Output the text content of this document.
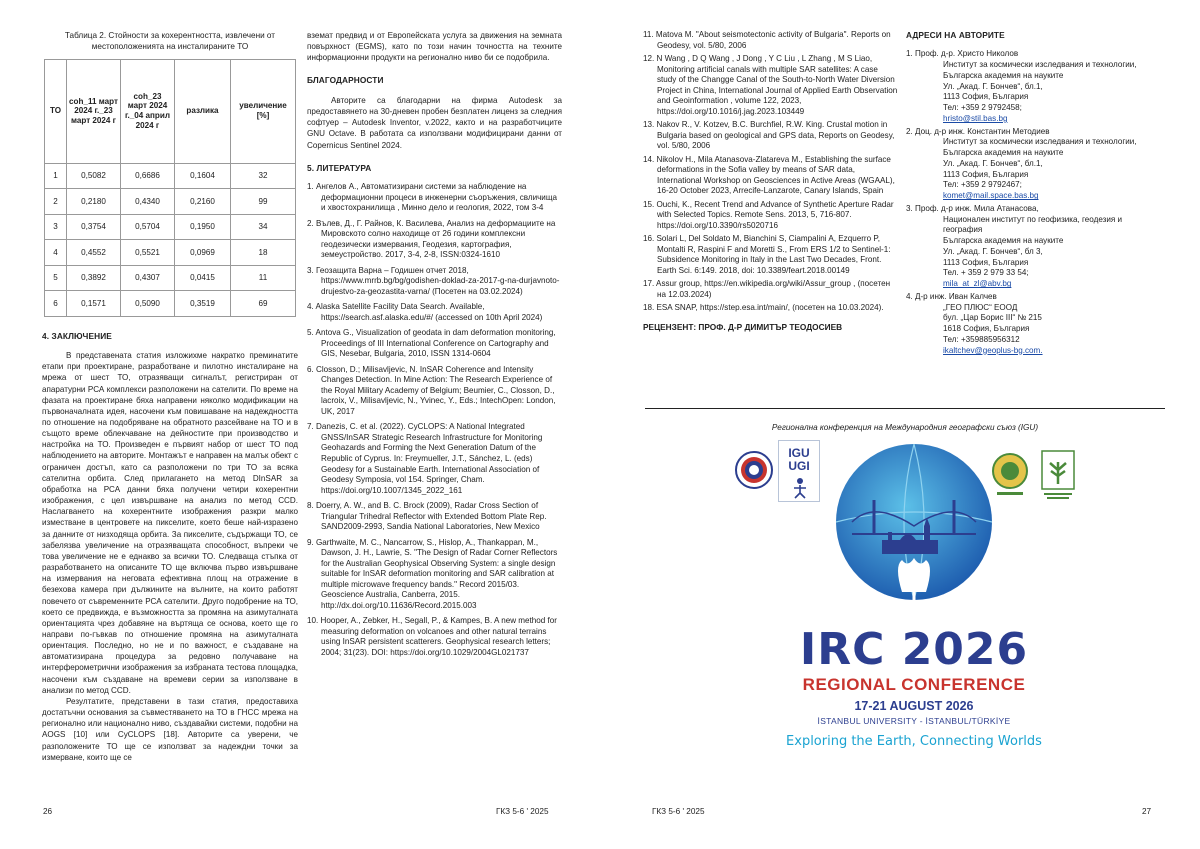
Таблица 2. Стойности за кохерентността, извлечени от местоположенията на инсталираните ТО
ТО	coh_11 март 2024 г._23 март 2024 г	coh_23 март 2024 г._04 април 2024 г	разлика	увеличение [%]
1	0,5082	0,6686	0,1604	32
2	0,2180	0,4340	0,2160	99
3	0,3754	0,5704	0,1950	34
4	0,4552	0,5521	0,0969	18
5	0,3892	0,4307	0,0415	11
6	0,1571	0,5090	0,3519	69
4. ЗАКЛЮЧЕНИЕ

В представената статия изложихме накратко преминатите етапи при проектиране, разработване и пилотно инсталиране на мрежа от шест ТО, отразяващи сигналът, регистриран от апаратурни РСА комплекси разположени на сателити. По време на фазата на проектиране бяха направени няколко модификации на първоначалната идея, насочени към повишаване на надеждността по отношение на подобряване на обратното разсейване на ТО и в същото време облекчаване на дейностите при производство и настройка на ТО. Произведен е първият набор от шест ТО под наблюдението на авторите. Монтажът е направен на малък обект с ограничен достъп, като са разположени по три ТО за всяка сателитна орбита. След прилагането на метод DInSAR за обработка на РСА данни бяха получени четири кохерентни изображения, с цел извършване на анализ по метод CCD. Наслагването на кохерентните изображения разкри малко изместване в центровете на пикселите, което беше най-изразено за данните от низходяща орбита. За пикселите, съдържащи ТО, се забелязва увеличение на отразяващата способност, въпреки че това увеличение не е еднакво за всички ТО. Следваща стъпка от разработването на описаните ТО ще включва първо извършване на измервания на нeговата ефективна площ на отражение в безехова камера при дължините на вълните, на които работят повечето от съвременните РСА сателити. Друго подобрение на ТО, което се предвижда, е възможността за промяна на азимуталната ориентацията чрез добавяне на въртяща се основа, което ще го направи по-гъвкав по отношение промяна на азимуталната ориентация. Последно, но не и по важност, е създаване на автоматизирана процедура за редовно получаване на интерферометрични изображения за избраната тестова площадка, насочени към създаване на времеви серии за използване в анализи по метод CCD.

Резултатите, представени в тази статия, предоставиха достатъчни основания за съвместяването на ТО в ГНСС мрежа на регионално или национално ниво, създавайки системи, подобни на AOGS [10] или CyCLOPS [18]. Авторите са уверени, че разположените ТО ще се използват за надеждни точки за измерване, които ще се

вземат предвид и от Европейската услуга за движения на земната повърхност (EGMS), като по този начин точността на техните информационни продукти на регионално ниво би се подобрила.

БЛАГОДАРНОСТИ

Авторите са благодарни на фирма Autodesk за предоставянето на 30-дневен пробен безплатен лиценз за следния софтуер – Autodesk Inventor, v.2022, както и на разработчиците GNU Octave. В работата са използвани модифицирани данни от Copernicus Sentinel 2024.

5. ЛИТЕРАТУРА
1. Ангелов А., Автоматизирани системи за наблюдение на деформационни процеси в инженерни съоръжения, свличища и хвостохранилища , Минно дело и геология, 2022, том 3-4
2. Вълев, Д., Г. Райнов, К. Василева, Анализ на деформациите на Мировското солно находище от 26 години комплексни геодезически измервания, Геодезия, картография, земеустройство. 2017, 3-4, 2-8, ISSN:0324-1610
3. Геозащита Варна – Годишен отчет 2018, https://www.mrrb.bg/bg/godishen-doklad-za-2017-g-na-durjavnoto-drujestvo-za-geozastita-varna/ (Посетен на 03.02.2024)
4. Alaska Satellite Facility Data Search. Available, https://search.asf.alaska.edu/#/ (accessed on 10th April 2024)
5. Antova G., Visualization of geodata in dam deformation monitoring, Proceedings of III International Conference on Cartography and GIS, Nesebar, Bulgaria, 2010, ISSN 1314-0604
6. Closson, D.; Milisavljevic, N. InSAR Coherence and Intensity Changes Detection. In Mine Action: The Research Experience of the Royal Military Academy of Belgium; Beumier, C., Closson, D., lacroix, V., Milisavljevic, N., Yvinec, Y., Eds.; IntechOpen: London, UK, 2017
7. Danezis, C. et al. (2022). CyCLOPS: A National Integrated GNSS/InSAR Strategic Research Infrastructure for Monitoring Geohazards and Forming the Next Generation Datum of the Republic of Cyprus. In: Freymueller, J.T., Sánchez, L. (eds) Geodesy for a Sustainable Earth. International Association of Geodesy Symposia, vol 154. Springer, Cham. https://doi.org/10.1007/1345_2022_161
8. Doerry, A. W., and B. C. Brock (2009), Radar Cross Section of Triangular Trihedral Reflector with Extended Bottom Plate Rep. SAND2009-2993, Sandia National Laboratories, New Mexico
9. Garthwaite, M. C., Nancarrow, S., Hislop, A., Thankappan, M., Dawson, J. H., Lawrie, S. "The Design of Radar Corner Reflectors for the Australian Geophysical Observing System: a single design suitable for InSAR deformation monitoring and SAR calibration at multiple microwave frequency bands." Record 2015/03. Geoscience Australia, Canberra, 2015. http://dx.doi.org/10.11636/Record.2015.003
10. Hooper, A., Zebker, H., Segall, P., & Kampes, B. A new method for measuring deformation on volcanoes and other natural terrains using InSAR persistent scatterers. Geophysical research letters; 2004; 31(23). DOI: https://doi.org/10.1029/2004GL021737
26	ГКЗ 5-6 ' 2025
11. Matova M. "About seismotectonic activity of Bulgaria". Reports on Geodesy, vol. 5/80, 2006
12. N Wang , D Q Wang , J Dong , Y C Liu , L Zhang , M S Liao, Monitoring artificial canals with multiple SAR satellites: A case study of the Changge Canal of the South-to-North Water Diversion Project in China, International Journal of Applied Earth Observation and Geoinformation , volume 122, 2023, https://doi.org/10.1016/j.jag.2023.103449
13. Nakov R., V. Kotzev, B.C. Burchfiel, R.W. King. Crustal motion in Bulgaria based on geological and GPS data, Reports on Geodesy, vol. 5/80, 2006
14. Nikolov H., Mila Atanasova-Zlatareva M., Establishing the surface deformations in the Sofia valley by means of SAR data, International Workshop on Geosciences in Active Areas (WGAAL), 16-20 October 2023, Arrecife-Lanzarote, Canary Islands, Spain
15. Ouchi, K., Recent Trend and Advance of Synthetic Aperture Radar with Selected Topics. Remote Sens. 2013, 5, 716-807. https://doi.org/10.3390/rs5020716
16. Solari L, Del Soldato M, Bianchini S, Ciampalini A, Ezquerro P, Montalti R, Raspini F and Moretti S., From ERS 1/2 to Sentinel-1: Subsidence Monitoring in Italy in the Last Two Decades, Front. Earth Sci. 6:149. 2018, doi: 10.3389/feart.2018.00149
17. Assur group, https://en.wikipedia.org/wiki/Assur_group , (посетен на 12.03.2024)
18. ESA SNAP, https://step.esa.int/main/, (посетен на 10.03.2024).
РЕЦЕНЗЕНТ: ПРОФ. Д-Р ДИМИТЪР ТЕОДОСИЕВ
АДРЕСИ НА АВТОРИТЕ
1. Проф. д-р. Христо Николов
Институт за космически изследвания и технологии,
Българска академия на науките
Ул. „Акад. Г. Бончев“, бл.1,
1113 София, България
Тел: +359 2 9792458;
hristo@stil.bas.bg
2. Доц. д-р инж. Константин Методиев
Институт за космически изследвания и технологии,
Българска академия на науките
Ул. „Акад. Г. Бончев“, бл.1,
1113 София, България
Тел: +359 2 9792467;
komet@mail.space.bas.bg
3. Проф. д-р инж. Мила Атанасова,
Национален институт по геофизика, геодезия и география
Българска академия на науките
Ул. „Акад. Г. Бончев“, бл 3,
1113 София, България
Тел. + 359 2 979 33 54;
mila_at_zl@abv.bg
4. Д-р инж. Иван Калчев
„ГЕО ПЛЮС“ ЕООД
бул. „Цар Борис III“ № 215
1618 София, България
Тел: +359885956312
ikaltchev@geoplus-bg.com.
ГКЗ 5-6 ' 2025	27
Регионална конференция на Международния географски съюз (IGU)
IGU
UGI
IRC 2026
REGIONAL CONFERENCE
17-21 AUGUST 2026
İSTANBUL UNIVERSITY - İSTANBUL/TÜRKİYE
Exploring the Earth, Connecting Worlds
